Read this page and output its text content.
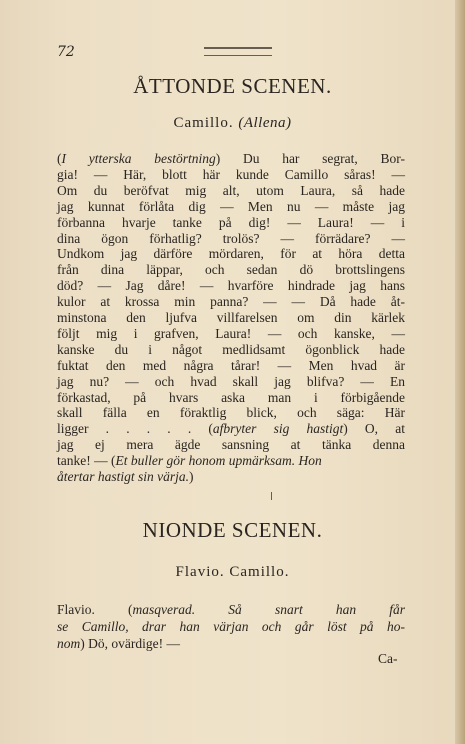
72
ÅTTONDE SCENEN.
Camillo. (Allena)
(I ytterska bestörtning) Du har segrat, Bor-
gia! — Här, blott här kunde Camillo såras! —
Om du beröfvat mig alt, utom Laura, så hade
jag kunnat förlåta dig — Men nu — måste jag
förbanna hvarje tanke på dig! — Laura! — i
dina ögon förhatlig? trolös? — förrädare? —
Undkom jag därföre mördaren, för at höra detta
från dina läppar, och sedan dö brottslingens
död? — Jag dåre! — hvarföre hindrade jag hans
kulor at krossa min panna? — — Då hade åt-
minstona den ljufva villfarelsen om din kärlek
följt mig i grafven, Laura! — och kanske, —
kanske du i något medlidsamt ögonblick hade
fuktat den med några tårar! — Men hvad är
jag nu? — och hvad skall jag blifva? — En
förkastad, på hvars aska man i förbigående
skall fälla en föraktlig blick, och säga: Här
ligger . . . . . (afbryter sig hastigt) O, at
jag ej mera ägde sansning at tänka denna
tanke! — (Et buller gör honom upmärksam. Hon
återtar hastigt sin värja.)
NIONDE SCENEN.
Flavio. Camillo.
Flavio. (masqverad. Så snart han får
se Camillo, drar han värjan och går löst på ho-
nom) Dö, ovärdige! —
Ca-
